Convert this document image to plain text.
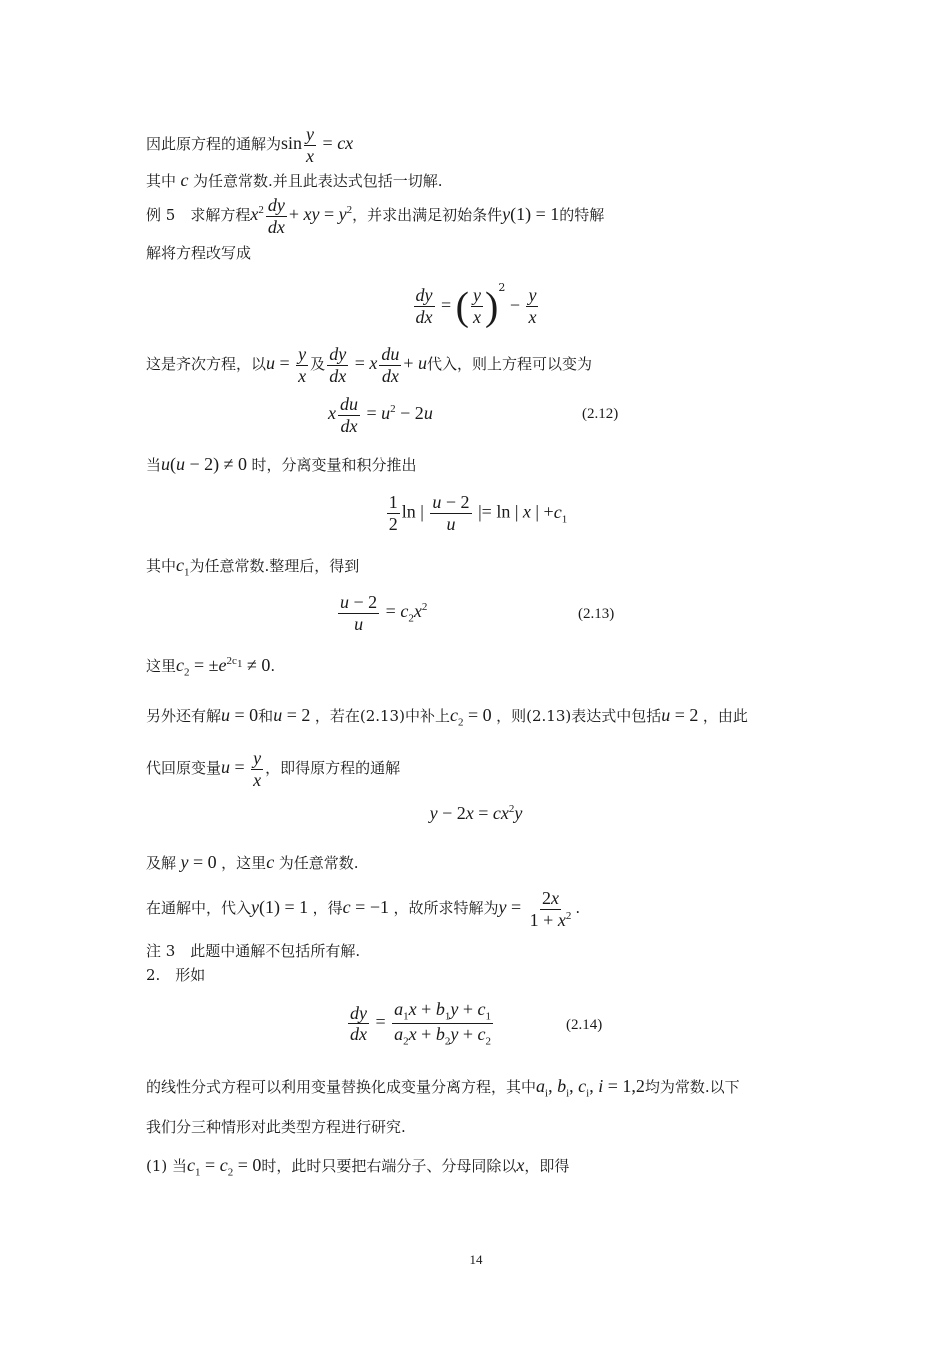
因此原方程的通解为$\sin \frac{y}{x}$ = cx
其中 c 为任意常数.并且此表达式包括一切解.
例 5　 求解方程$x^2 \frac{dy}{dx}$ + xy = $y^2$，并求出满足初始条件y(1) = 1的特解
解将方程改写成
$\frac{dy}{dx}$ = ( $\frac{y}{x} )^2 - \frac{y}{x}$
这是齐次方程，以$u = \frac{y}{x}$ 及 $\frac{dy}{dx} = x \frac{du}{dx} + u$代入，则上方程可以变为
x $\frac{du}{dx} = u^2 - 2u$	(2.12)
当u(u − 2) ≠ 0 时，分离变量和积分推出
$\frac{1}{2}$ ln | $\frac{u - 2}{u}$ |= ln | x | $+c_1$
其中$c_1$为任意常数.整理后，得到
$\frac{u - 2}{u} = c_2x^2$	(2.13)
这里$c_2 = \pm e^{2c_1} \ne 0$.
另外还有解u = 0和u = 2 ，若在(2.13)中补上$c_2 = 0$ ，则(2.13)表达式中包括u = 2 ，由此
代回原变量$u = \frac{y}{x}$ ，即得原方程的通解
$y - 2x = cx^2y$
及解 y = 0 ，这里c 为任意常数.
在通解中，代入y(1) = 1 ，得c = −1 ，故所求特解为$y = \frac{2x}{1 + x^2}$ .
注 3　此题中通解不包括所有解.
2.　形如
$\frac{dy}{dx} = \frac{a_1x + b_1y + c_1}{a_2x + b_2y + c_2}$	(2.14)
的线性分式方程可以利用变量替换化成变量分离方程，其中$a_i$, $b_i$, $c_i$, i = 1,2均为常数.以下
我们分三种情形对此类型方程进行研究.
(1) 当$c_1 = c_2 = 0$时，此时只要把右端分子、分母同除以x，即得
14
